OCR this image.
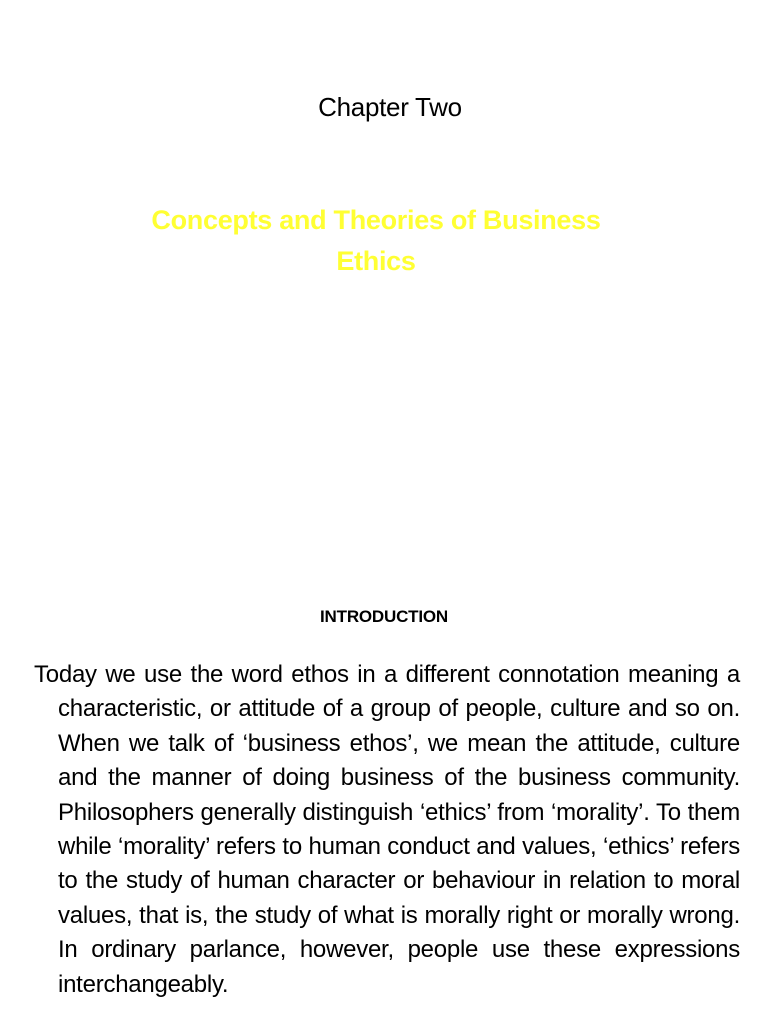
Chapter Two
Concepts and Theories of Business Ethics
INTRODUCTION

Today we use the word ethos in a different connotation meaning a characteristic, or attitude of a group of people, culture and so on. When we talk of ‘business ethos’, we mean the attitude, culture and the manner of doing business of the business community. Philosophers generally distinguish ‘ethics’ from ‘morality’. To them while ‘morality’ refers to human conduct and values, ‘ethics’ refers to the study of human character or behaviour in relation to moral values, that is, the study of what is morally right or morally wrong. In ordinary parlance, however, people use these expressions interchangeably.
